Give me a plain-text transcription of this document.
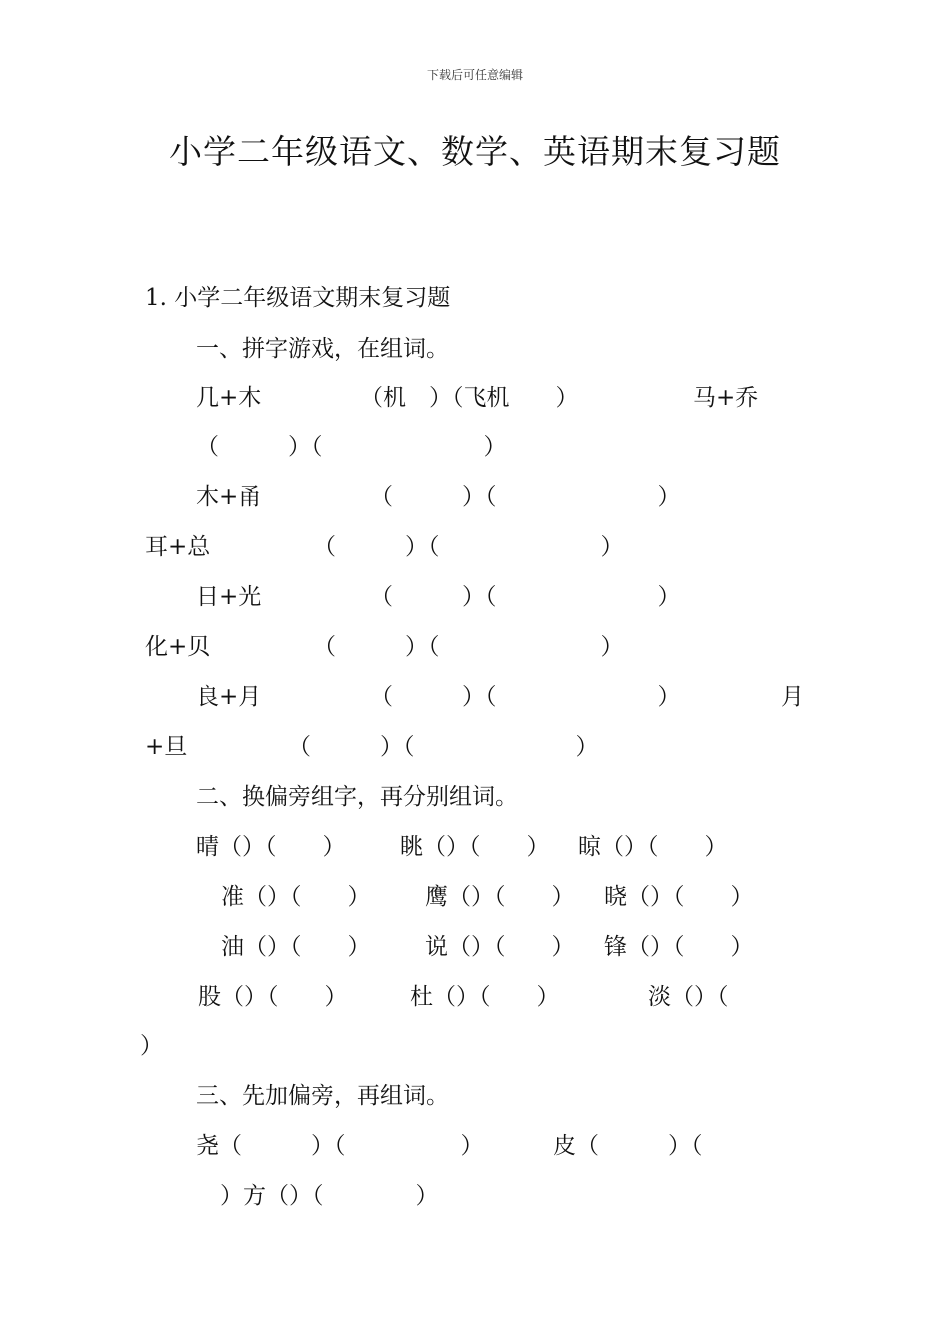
下载后可任意编辑
小学二年级语文、数学、英语期末复习题
1. 小学二年级语文期末复习题
一、拼字游戏，在组词。
几+木	（机　）（飞机　　）	马+乔
（　　　）（　　　　　　　）
木+甬	（　　　）（　　　　　　　）
耳+总	（　　　）（　　　　　　　）
日+光	（　　　）（　　　　　　　）
化+贝	（　　　）（　　　　　　　）
良+月	（　　　）（　　　　　　　）	月
+旦	（　　　）（　　　　　　　）
二、换偏旁组字，再分别组词。
晴（）（　　） 眺（）（　　） 晾（）（　　）
准（）（　　） 鹰（）（　　） 晓（）（　　）
油（）（　　） 说（）（　　） 锋（）（　　）
股（）（　　）	杜（）（　　）	淡（）（
）
三、先加偏旁，再组词。
尧（　　　）（　　　　　）	皮（　　　）（
）方（）（　　　　）
